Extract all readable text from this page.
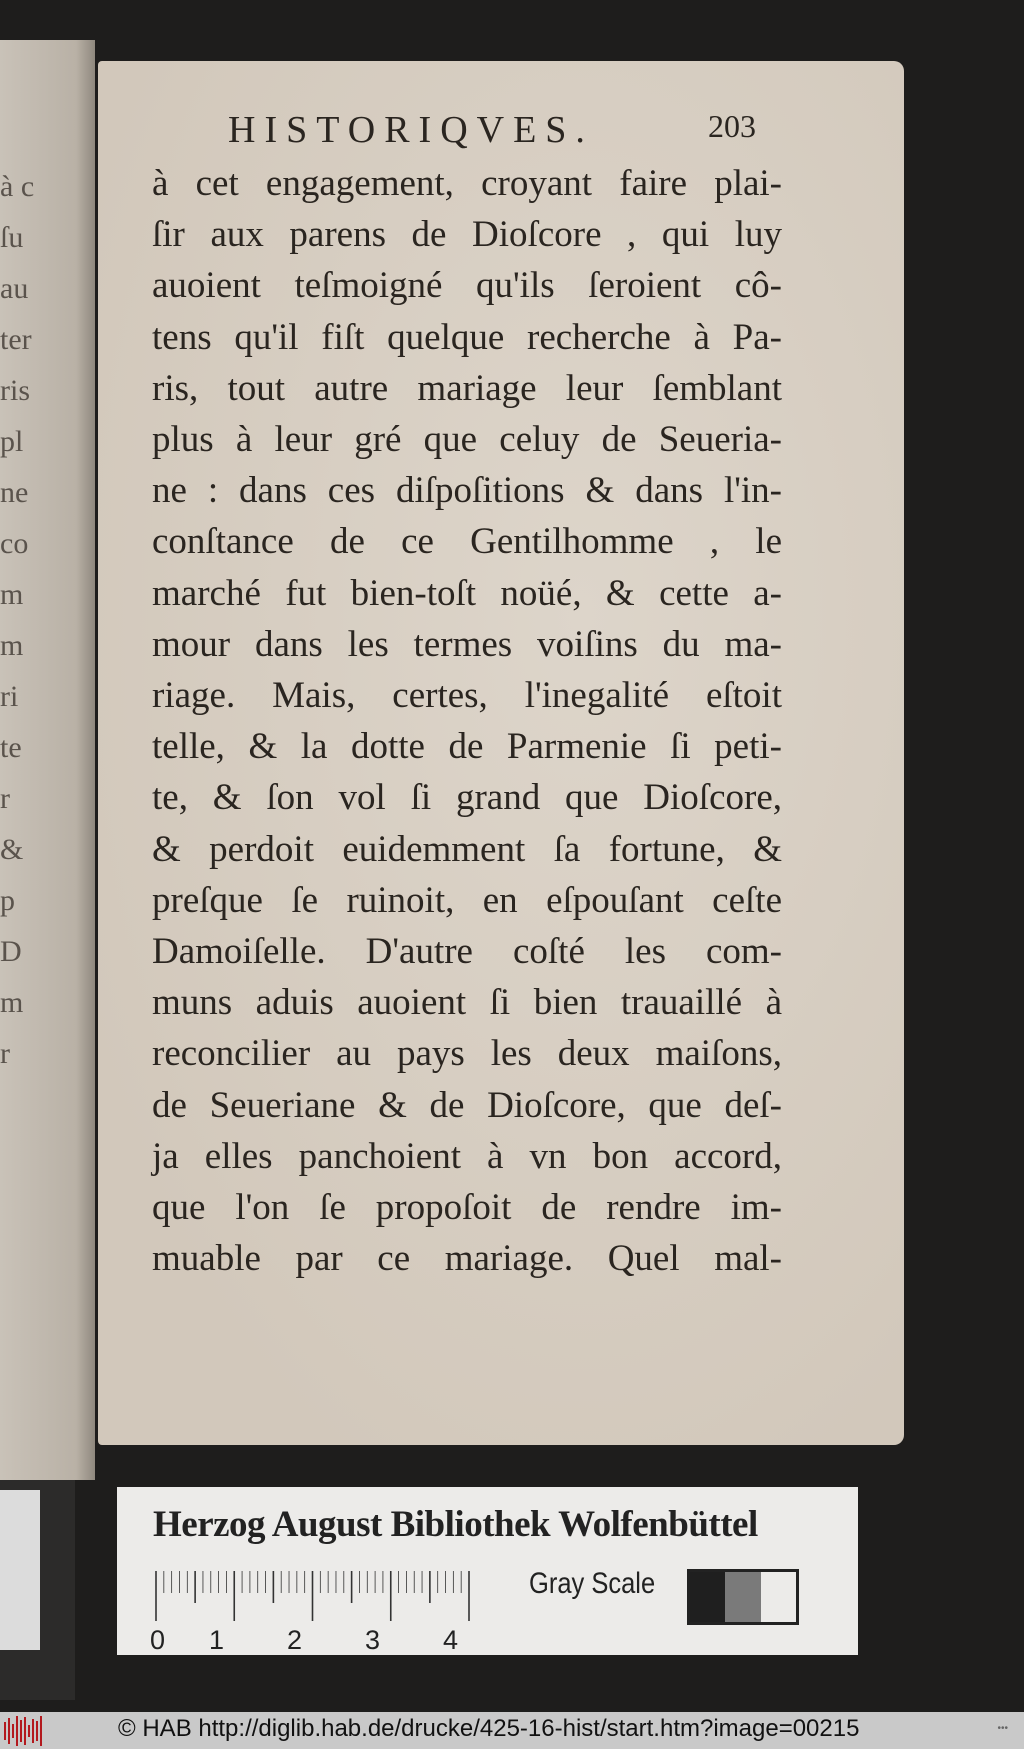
à c
ſu
au
ter
ris
pl
ne
co
m
m
ri
te
r
&
p
D
m
r
HISTORIQVES.	203
à cet engagement, croyant faire plai-
ſir aux parens de Dioſcore , qui luy
auoient teſmoigné qu'ils ſeroient cô-
tens qu'il fiſt quelque recherche à Pa-
ris, tout autre mariage leur ſemblant
plus à leur gré que celuy de Seueria-
ne : dans ces diſpoſitions & dans l'in-
conſtance de ce Gentilhomme , le
marché fut bien-toſt noüé, & cette a-
mour dans les termes voiſins du ma-
riage. Mais, certes, l'inegalité eſtoit
telle, & la dotte de Parmenie ſi peti-
te, & ſon vol ſi grand que Dioſcore,
& perdoit euidemment ſa fortune, &
preſque ſe ruinoit, en eſpouſant ceſte
Damoiſelle. D'autre coſté les com-
muns aduis auoient ſi bien trauaillé à
reconcilier au pays les deux maiſons,
de Seueriane & de Dioſcore, que deſ-
ja elles panchoient à vn bon accord,
que l'on ſe propoſoit de rendre im-
muable par ce mariage. Quel mal-
Herzog August Bibliothek Wolfenbüttel
0 1 2 3 4
Gray Scale
© HAB http://diglib.hab.de/drucke/425-16-hist/start.htm?image=00215	•••
